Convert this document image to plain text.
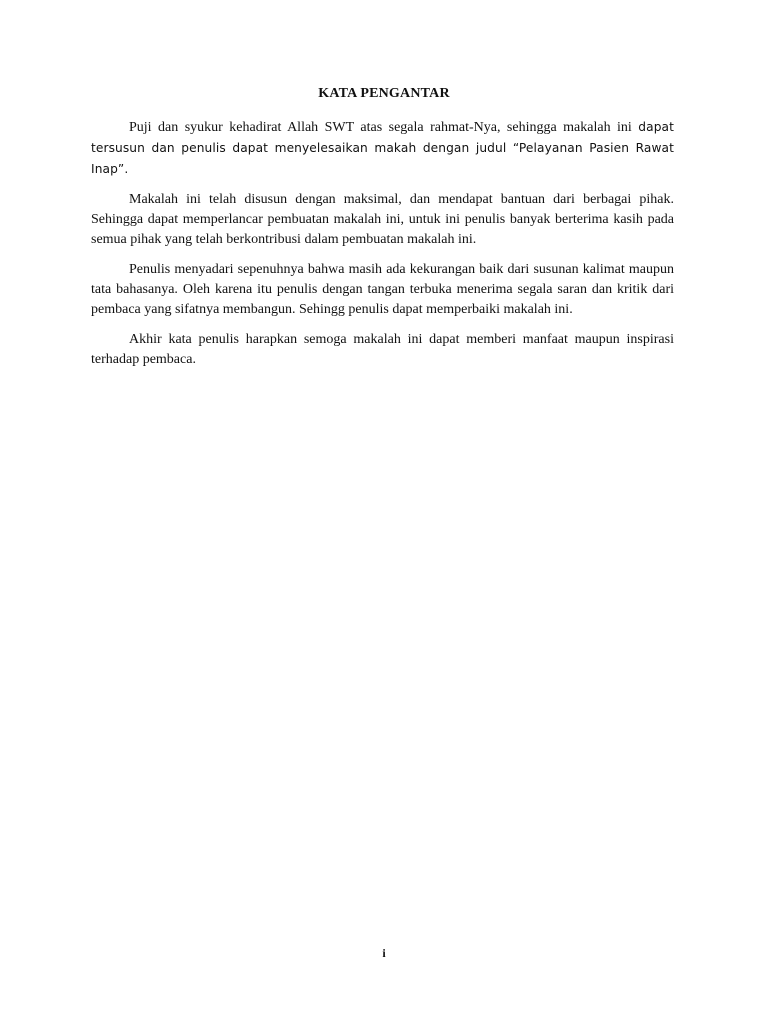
KATA PENGANTAR

Puji dan syukur kehadirat Allah SWT atas segala rahmat-Nya, sehingga makalah ini dapat tersusun dan penulis dapat menyelesaikan makah dengan judul “Pelayanan Pasien Rawat Inap”.

Makalah ini telah disusun dengan maksimal, dan mendapat bantuan dari berbagai pihak. Sehingga dapat memperlancar pembuatan makalah ini, untuk ini penulis banyak berterima kasih pada semua pihak yang telah berkontribusi dalam pembuatan makalah ini.

Penulis menyadari sepenuhnya bahwa masih ada kekurangan baik dari susunan kalimat maupun tata bahasanya. Oleh karena itu penulis dengan tangan terbuka menerima segala saran dan kritik dari pembaca yang sifatnya membangun. Sehingg penulis dapat memperbaiki makalah ini.

Akhir kata penulis harapkan semoga makalah ini dapat memberi manfaat maupun inspirasi terhadap pembaca.

i
